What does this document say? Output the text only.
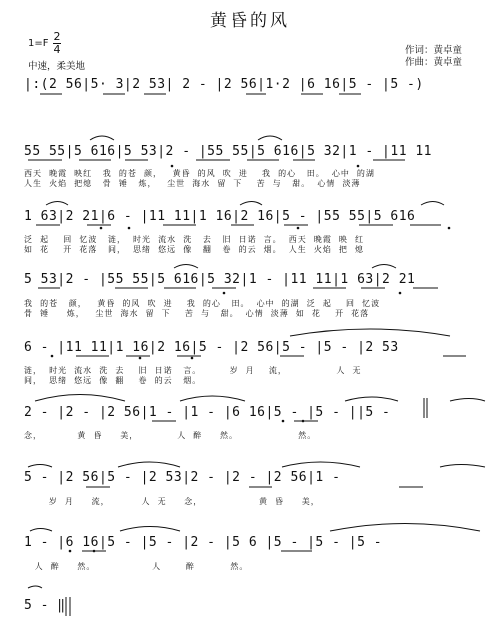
黄昏的风
1=F
2
4
中速，柔美地
作词：黄卓童
作曲：黄卓童
|:(2 56|5· 3|2 53| 2 - |2 56|1·2 |6 16|5 - |5 -)
55 55|5 616|5 53|2 - |55 55|5 616|5 32|1 - |11 11
西天  晚霞  映红   我  的苍  颜，   黄昏  的风  吹  进    我  的心   田。  心中  的湖
人生  火焰  把熄   骨  锤   炼，   尘世  海水  留  下    苦  与   甜。  心情  淡薄
1 63|2 21|6 - |11 11|1 16|2 16|5 - |55 55|5 616
泛  起    回  忆波   涟，  时光  流水  洗   去   旧  日诺  言。  西天  晚霞  映  红
如  花    开  花落   间，  思绪  悠远  像   翻   卷  的云  烟。  人生  火焰  把  熄
5 53|2 - |55 55|5 616|5 32|1 - |11 11|1 63|2 21
我  的苍   颜，   黄昏  的风  吹  进    我  的心   田。  心中  的湖  泛  起    回  忆波
骨  锤     炼，   尘世  海水  留  下    苦  与   甜。  心情  淡薄  如  花    开  花落
6 - |11 11|1 16|2 16|5 - |2 56|5 - |5 - |2 53
涟，  时光  流水  洗  去    旧  日诺   言。        岁  月    流，              人  无
间，  思绪  悠远  像  翻    卷  的云   烟。
2 - |2 - |2 56|1 - |1 - |6 16|5 - |5 - ||5 -
念，          黄  昏     美，           人  醉     然。                 然。
5 - |2 56|5 - |2 53|2 - |2 - |2 56|1 -
岁  月     流，         人  无     念，                黄  昏     美，
1 - |6 16|5 - |5 - |2 - |5 6 |5 - |5 - |5 -
人  醉     然。                人       醉          然。
5 - ‖
